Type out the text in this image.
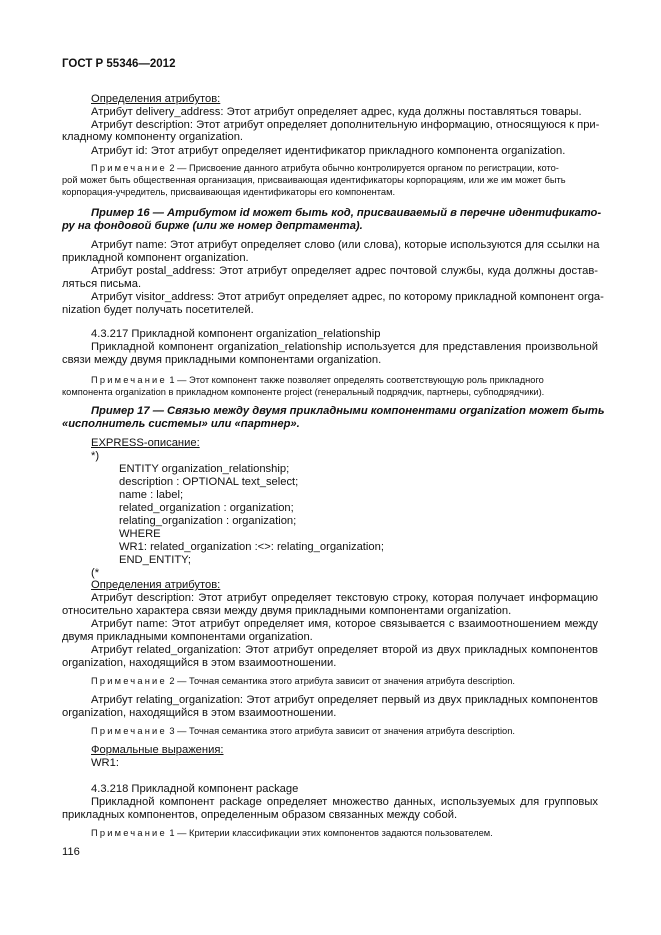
ГОСТ Р 55346—2012
Определения атрибутов:
Атрибут delivery_address: Этот атрибут определяет адрес, куда должны поставляться товары.
Атрибут description: Этот атрибут определяет дополнительную информацию, относящуюся к при-
кладному компоненту organization.
Атрибут id: Этот атрибут определяет идентификатор прикладного компонента organization.
Примечание 2 — Присвоение данного атрибута обычно контролируется органом по регистрации, кото-
рой может быть общественная организация, присваивающая идентификаторы корпорациям, или же им может быть
корпорация-учредитель, присваивающая идентификаторы его компонентам.
Пример 16 — Атрибутом id может быть код, присваиваемый в перечне идентификато-
ру на фондовой бирже (или же номер депртамента).
Атрибут name: Этот атрибут определяет слово (или слова), которые используются для ссылки на
прикладной компонент organization.
Атрибут postal_address: Этот атрибут определяет адрес почтовой службы, куда должны достав-
ляться письма.
Атрибут visitor_address: Этот атрибут определяет адрес, по которому прикладной компонент orga-
nization будет получать посетителей.
4.3.217 Прикладной компонент organization_relationship
Прикладной компонент organization_relationship используется для представления произвольной
связи между двумя прикладными компонентами organization.
Примечание 1 — Этот компонент также позволяет определять соответствующую роль прикладного
компонента organization в прикладном компоненте project (генеральный подрядчик, партнеры, субподрядчики).
Пример 17 — Связью между двумя прикладными компонентами organization может быть
«исполнитель системы» или «партнер».
EXPRESS-описание:
*)
ENTITY organization_relationship;
description : OPTIONAL text_select;
name : label;
related_organization : organization;
relating_organization : organization;
WHERE
WR1: related_organization :<>: relating_organization;
END_ENTITY;
(*
Определения атрибутов:
Атрибут description: Этот атрибут определяет текстовую строку, которая получает информацию
относительно характера связи между двумя прикладными компонентами organization.
Атрибут name: Этот атрибут определяет имя, которое связывается с взаимоотношением между
двумя прикладными компонентами organization.
Атрибут related_organization: Этот атрибут определяет второй из двух прикладных компонентов
organization, находящийся в этом взаимоотношении.
Примечание 2 — Точная семантика этого атрибута зависит от значения атрибута description.
Атрибут relating_organization: Этот атрибут определяет первый из двух прикладных компонентов
organization, находящийся в этом взаимоотношении.
Примечание 3 — Точная семантика этого атрибута зависит от значения атрибута description.
Формальные выражения:
WR1:
4.3.218 Прикладной компонент package
Прикладной компонент package определяет множество данных, используемых для групповых
прикладных компонентов, определенным образом связанных между собой.
Примечание 1 — Критерии классификации этих компонентов задаются пользователем.
116
